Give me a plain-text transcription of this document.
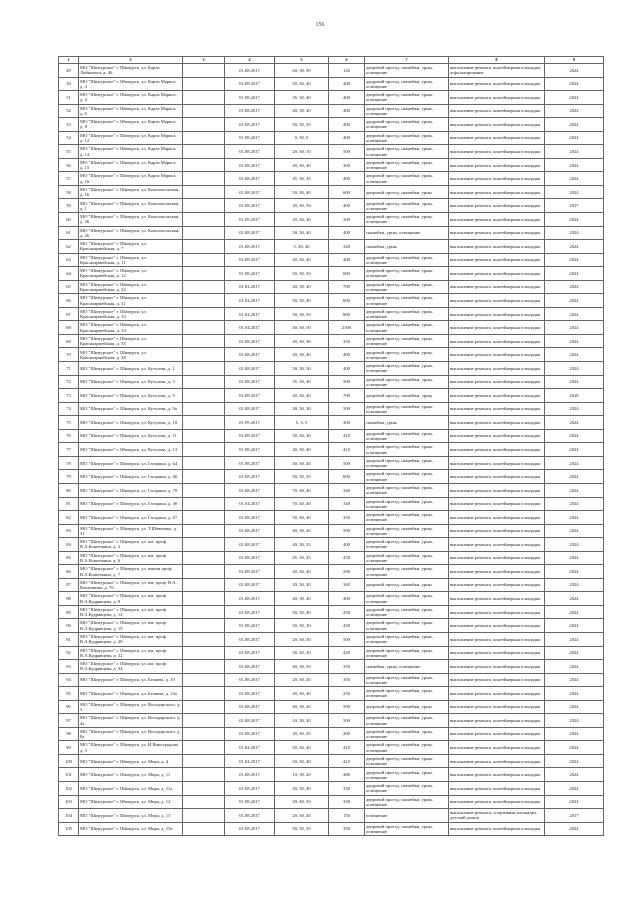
156
1	2	3	4	5	6	7	8	9
49	МО "Шимурское" г. Шимурск, ул. Карла Либкнехта, д. 46		01.08.2017	60, 30, 50	126	дворовой проезд, скамейки, урны, освещение	выполнение ремонта, контейнерная площадка, асфальтирование	2024
50	МО "Шимурское" г. Шимурск, ул. Карла Маркса, д. 3		01.08.2017	50, 30, 40	400	дворовой проезд, скамейки, урны, освещение	выполнение ремонта, контейнерная площадка	2024
51	МО "Шимурское" г. Шимурск, ул. Карла Маркса, д. 4		01.08.2017	35, 30, 40	400	дворовой проезд, скамейки, урны, освещение	выполнение ремонта, контейнерная площадка	2024
52	МО "Шимурское" г. Шимурск, ул. Карла Маркса, д. 6		01.08.2017	40, 30, 40	400	дворовой проезд, скамейки, урны, освещение	выполнение ремонта, контейнерная площадка	2024
53	МО "Шимурское" г. Шимурск, ул. Карла Маркса, д. 8		01.08.2017	50, 30, 50	400	дворовой проезд, скамейки, урны, освещение	выполнение ремонта, контейнерная площадка	2024
54	МО "Шимурское" г. Шимурск, ул. Карла Маркса, д. 12		01.08.2017	0, 30, 0	400	дворовой проезд, скамейки, урны, освещение	выполнение ремонта, контейнерная площадка	2024
55	МО "Шимурское" г. Шимурск, ул. Карла Маркса, д. 14		01.08.2017	20, 30, 10	500	дворовой проезд, скамейки, урны, освещение	выполнение ремонта, контейнерная площадка	2024
56	МО "Шимурское" г. Шимурск, ул. Карла Маркса, д. 15		01.08.2017	40, 30, 40	300	дворовой проезд, скамейки, урны, освещение	выполнение ремонта, контейнерная площадка	2024
57	МО "Шимурское" г. Шимурск, ул. Карла Маркса, д. 16		01.08.2017	45, 30, 45	400	дворовой проезд, скамейки, урны, освещение	выполнение ремонта, контейнерная площадка	2024
58	МО "Шимурское" г. Шимурск, ул. Комсомольская, д. 16		01.08.2017	50, 30, 40	600	дворовой проезд, скамейки, урны	выполнение ремонта, контейнерная площадка	2024
59	МО "Шимурское" г. Шимурск, ул. Комсомольская, д. 1		01.08.2017	20, 30, 50	400	дворовой проезд, скамейки, урны, освещение	выполнение ремонта, контейнерная площадка	2017
60	МО "Шимурское" г. Шимурск, ул. Комсомольская, д. 26		01.09.2017	20, 30, 30	300	дворовой проезд, скамейки, урны, освещение	выполнение ремонта, контейнерная площадка	2024
61	МО "Шимурское" г. Шимурск, ул. Комсомольская, д. 26		01.08.2017	50, 30, 40	400	скамейки, урны, освещение	выполнение ремонта, контейнерная площадка	2024
62	МО "Шимурское" г. Шимурск, ул. Красноармейская, д. 7		01.08.2017	5, 30, 40	320	скамейки, урны	выполнение ремонта, контейнерная площадка	2024
63	МО "Шимурское" г. Шимурск, ул. Красноармейская, д. 11		01.08.2017	40, 30, 40	400	дворовой проезд, скамейки, урны, освещение	выполнение ремонта, контейнерная площадка	2024
64	МО "Шимурское" г. Шимурск, ул. Красноармейская, д. 12		01.08.2017	50, 30, 50	600	дворовой проезд, скамейки, урны, освещение	выполнение ремонта, контейнерная площадка	2024
65	МО "Шимурское" г. Шимурск, ул. Красноармейская, д. 22		01.04.2017	20, 30, 40	700	дворовой проезд, скамейки, урны, освещение	выполнение ремонта, контейнерная площадка	2024
66	МО "Шимурское" г. Шимурск, ул. Красноармейская, д. 31		01.04.2017	50, 30, 40	600	дворовой проезд, скамейки, урны, освещение	выполнение ремонта, контейнерная площадка	2024
67	МО "Шимурское" г. Шимурск, ул. Красноармейская, д. 33		01.04.2017	50, 30, 50	600	дворовой проезд, скамейки, урны, освещение	выполнение ремонта, контейнерная площадка	2024
68	МО "Шимурское" г. Шимурск, ул. Красноармейская, д. 34		01.04.2017	40, 30, 50	2500	дворовой проезд, скамейки, урны, освещение	выполнение ремонта, контейнерная площадка	2024
69	МО "Шимурское" г. Шимурск, ул. Красноармейская, д. 35		01.08.2017	40, 30, 30	350	дворовой проезд, скамейки, урны, освещение	выполнение ремонта, контейнерная площадка	2024
70	МО "Шимурское" г. Шимурск, ул. Красноармейская, д. 38		01.08.2017	20, 30, 40	400	дворовой проезд, скамейки, урны, освещение	выполнение ремонта, контейнерная площадка	2024
71	МО "Шимурское" г. Шимурск, ул. Кутузова, д. 1		01.08.2017	50, 30, 50	400	дворовой проезд, скамейки, урны, освещение	выполнение ремонта, контейнерная площадка	2024
72	МО "Шимурское" г. Шимурск, ул. Кутузова, д. 3		01.08.2017	35, 30, 40	500	дворовой проезд, скамейки, урны, освещение	выполнение ремонта, контейнерная площадка	2024
73	МО "Шимурское" г. Шимурск, ул. Кутузова, д. 5		01.08.2017	40, 30, 40	700	дворовой проезд, скамейки, урны	выполнение ремонта, контейнерная площадка	2018
74	МО "Шимурское" г. Шимурск, ул. Кутузова, д. 9а		01.08.2017	30, 30, 30	500	дворовой проезд, скамейки, урны, освещение	выполнение ремонта, контейнерная площадка	2024
75	МО "Шимурское" г. Шимурск, ул. Кутузова, д. 10		01.09.2017	5, 3, 5	300	скамейки, урны	выполнение ремонта, контейнерная площадка	2024
76	МО "Шимурское" г. Шимурск, ул. Кутузова, д. 11		01.08.2017	30, 30, 30	410	дворовой проезд, скамейки, урны, освещение	выполнение ремонта, контейнерная площадка	2024
77	МО "Шимурское" г. Шимурск, ул. Кутузова, д. 13		01.08.2017	40, 30, 40	410	дворовой проезд, скамейки, урны, освещение	выполнение ремонта, контейнерная площадка	2024
78	МО "Шимурское" г. Шимурск, ул. Гагарина, д. 64		01.08.2017	40, 30, 40	500	дворовой проезд, скамейки, урны, освещение	выполнение ремонта, контейнерная площадка	2024
79	МО "Шимурское" г. Шимурск, ул. Гагарина, д. 66		01.08.2017	50, 30, 50	600	дворовой проезд, скамейки, урны, освещение	выполнение ремонта, контейнерная площадка	2024
80	МО "Шимурское" г. Шимурск, ул. Гагарина, д. 70		01.08.2017	70, 40, 40	340	дворовой проезд, скамейки, урны, освещение	выполнение ремонта, контейнерная площадка	2024
81	МО "Шимурское" г. Шимурск, ул. Гагарина, д. 4б		01.04.2017	70, 40, 40	340	дворовой проезд, скамейки, урны, освещение	выполнение ремонта, контейнерная площадка	2024
82	МО "Шимурское" г. Шимурск, ул. Гагарина, д. 67		01.08.2017	50, 40, 40	350	дворовой проезд, скамейки, урны, освещение	выполнение ремонта, контейнерная площадка	2024
83	МО "Шимурское" г. Шимурск, ул. Т.Шевченко, д. 31		01.08.2017	40, 30, 20	500	дворовой проезд, скамейки, урны, освещение	выполнение ремонта, контейнерная площадка	2024
84	МО "Шимурское" г. Шимурск, ул. им. проф. В.А.Кошечкина, д. 3		01.08.2017	40, 30, 35	400	дворовой проезд, скамейки, урны, освещение	выполнение ремонта, контейнерная площадка	2024
85	МО "Шимурское" г. Шимурск, ул. им. проф. В.А.Кошечкина, д. 6		01.08.2017	45, 30, 45	450	дворовой проезд, скамейки, урны, освещение	выполнение ремонта, контейнерная площадка	2024
86	МО "Шимурское" г. Шимурск, ул. имени проф. В.А.Кошечкина, д. 7		01.08.2017	40, 30, 40	290	дворовой проезд, скамейки, урны, освещение	выполнение ремонта, контейнерная площадка	2024
87	МО "Шимурское" г. Шимурск, ул. им. проф. В.А. Кошечкина, д. 7б		01.08.2017	20, 30, 20	340	дворовой проезд, скамейки, урны	выполнение ремонта, контейнерная площадка	2024
88	МО "Шимурское" г. Шимурск, ул. им. проф. В.А.Кудрявцева, д. 8		01.08.2017	40, 30, 40	400	дворовой проезд, скамейки, урны, освещение	выполнение ремонта, контейнерная площадка	2024
89	МО "Шимурское" г. Шимурск, ул. им. проф. В.А.Кудрявцева, д. 14		01.08.2017	50, 30, 40	250	дворовой проезд, скамейки, урны, освещение	выполнение ремонта, контейнерная площадка	2024
90	МО "Шимурское" г. Шимурск, ул. им. проф. В.А.Кудрявцева, д. 19		01.08.2017	30, 30, 30	430	дворовой проезд, скамейки, урны, освещение	выполнение ремонта, контейнерная площадка	2024
91	МО "Шимурское" г. Шимурск, ул. им. проф. В.А.Кудрявцева, д. 28		01.08.2017	20, 30, 30	500	дворовой проезд, скамейки, урны, освещение	выполнение ремонта, контейнерная площадка	2024
92	МО "Шимурское" г. Шимурск, ул. им. проф. В.А.Кудрявцева, д. 32		01.08.2017	30, 40, 30	420	дворовой проезд, скамейки, урны, освещение	выполнение ремонта, контейнерная площадка	2024
93	МО "Шимурское" г. Шимурск, ул. им. проф. В.А.Кудрявцева, д. 34		01.08.2017	40, 30, 50	350	скамейки, урны, освещение	выполнение ремонта, контейнерная площадка	2024
94	МО "Шимурское" г. Шимурск, ул. Беляева, д. 10		01.08.2017	20, 30, 20	350	дворовой проезд, скамейки, урны, освещение	выполнение ремонта, контейнерная площадка	2024
95	МО "Шимурское" г. Шимурск, ул. Беляева, д. 14а		01.08.2017	40, 30, 40	250	дворовой проезд, скамейки, урны, освещение	выполнение ремонта, контейнерная площадка	2024
96	МО "Шимурское" г. Шимурск, ул. Володарского, д. 3		01.08.2017	40, 30, 20	500	дворовой проезд, скамейки, урны	выполнение ремонта, контейнерная площадка	2024
97	МО "Шимурское" г. Шимурск, ул. Володарского, д. 4а		01.08.2017	10, 30, 20	500	дворовой проезд, скамейки, урны, освещение	выполнение ремонта, контейнерная площадка	2024
98	МО "Шимурское" г. Шимурск, ул. Володарского, д. 8а		01.08.2017	20, 30, 20	200	дворовой проезд, скамейки, урны, освещение	выполнение ремонта, контейнерная площадка	2024
99	МО "Шимурское" г. Шимурск, ул. И.Виноградова, д. 3		01.04.2017	50, 30, 40	410	дворовой проезд, скамейки, урны, освещение	выполнение ремонта, контейнерная площадка	2024
100	МО "Шимурское" г. Шимурск, ул. Мира, д. 4		01.04.2017	50, 30, 40	410	дворовой проезд, скамейки, урны, освещение	выполнение ремонта, контейнерная площадка	2024
101	МО "Шимурское" г. Шимурск, ул. Мира, д. 11		01.08.2017	10, 30, 20	480	дворовой проезд, скамейки, урны, освещение	выполнение ремонта, контейнерная площадка	2024
102	МО "Шимурское" г. Шимурск, ул. Мира, д. 11а		01.08.2017	40, 30, 40	330	дворовой проезд, скамейки, урны, освещение	выполнение ремонта, контейнерная площадка	2024
103	МО "Шимурское" г. Шимурск, ул. Мира, д. 12		01.08.2017	20, 40, 50	330	дворовой проезд, скамейки, урны, освещение	выполнение ремонта, контейнерная площадка	2024
104	МО "Шимурское" г. Шимурск, ул. Мира, д. 15		01.08.2017	20, 30, 40	150	освещение	выполнение ремонта, спортивная площадка, детский домик	2017
105	МО "Шимурское" г. Шимурск, ул. Мира, д. 15а		01.08.2017	50, 30, 50	350	дворовой проезд, скамейки, урны, освещение	выполнение ремонта, контейнерная площадка	2024
